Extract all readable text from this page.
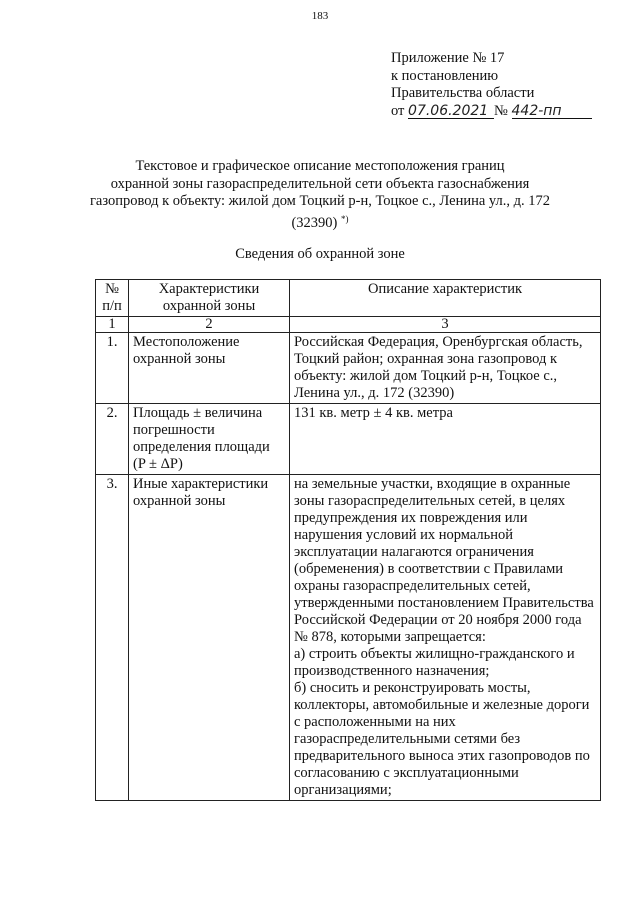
183
Приложение № 17
к постановлению
Правительства области
от 07.06.2021 № 442-пп
Текстовое и графическое описание местоположения границ
охранной зоны газораспределительной сети объекта газоснабжения
газопровод к объекту: жилой дом Тоцкий р-н, Тоцкое с., Ленина ул., д. 172
(32390) *)
Сведения об охранной зоне
№
п/п	Характеристики охранной зоны	Описание характеристик
1	2	3
1.	Местоположение охранной зоны	Российская Федерация, Оренбургская область, Тоцкий район; охранная зона газопровод к объекту: жилой дом Тоцкий р-н, Тоцкое с., Ленина ул., д. 172 (32390)
2.	Площадь ± величина погрешности определения площади (P ± ΔP)	131 кв. метр ± 4 кв. метра
3.	Иные характеристики охранной зоны	на земельные участки, входящие в охранные зоны газораспределительных сетей, в целях предупреждения их повреждения или нарушения условий их нормальной эксплуатации налагаются ограничения (обременения) в соответствии с Правилами охраны газораспределительных сетей, утвержденными постановлением Правительства Российской Федерации от 20 ноября 2000 года № 878, которыми запрещается:
а) строить объекты жилищно-гражданского и производственного назначения;
б) сносить и реконструировать мосты, коллекторы, автомобильные и железные дороги с расположенными на них газораспределительными сетями без предварительного выноса этих газопроводов по согласованию с эксплуатационными организациями;
